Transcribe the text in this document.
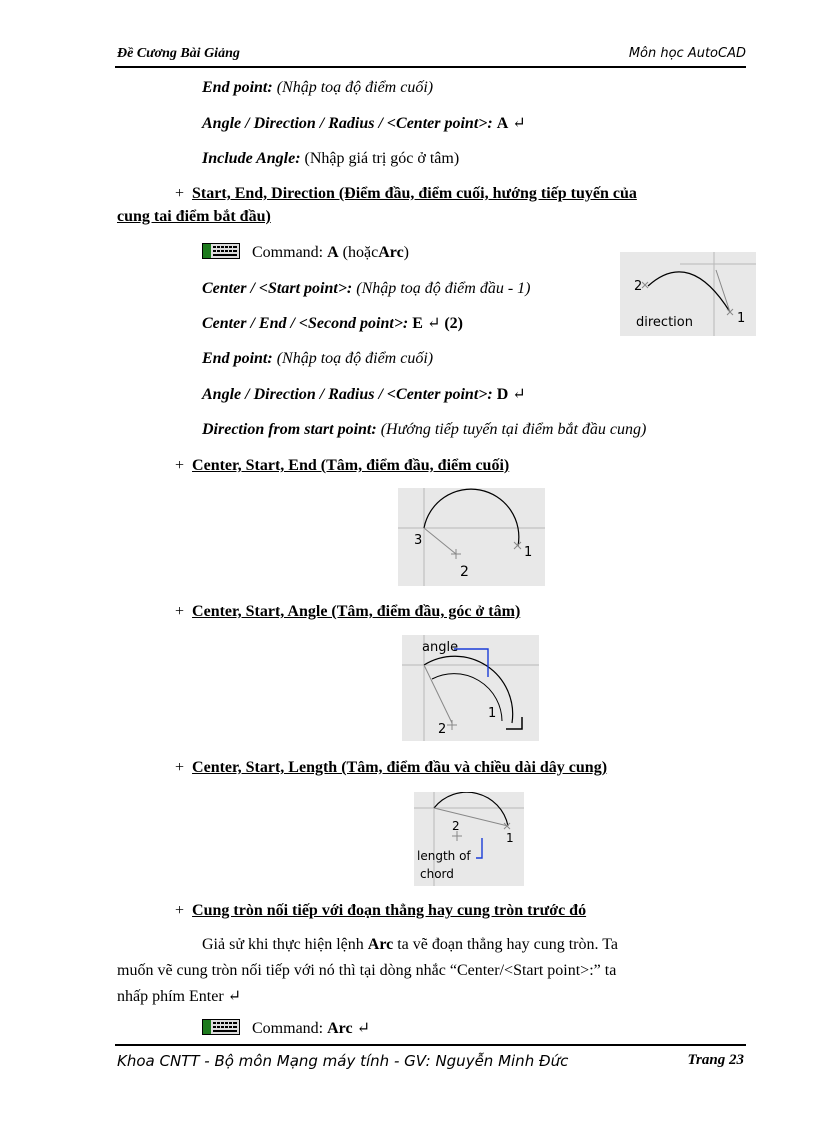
Đề Cương Bài Giảng	Môn học AutoCAD
End point: (Nhập toạ độ điểm cuối)
Angle / Direction / Radius / <Center point>: A ↵
Include Angle: (Nhập giá trị góc ở tâm)
+ Start, End, Direction (Điểm đầu, điểm cuối, hướng tiếp tuyến của
cung tai điểm bắt đầu)
Command: A (hoặcArc)
Center / <Start point>: (Nhập toạ độ điểm đầu - 1)
Center / End / <Second point>: E ↵ (2)
End point: (Nhập toạ độ điểm cuối)
Angle / Direction / Radius / <Center point>: D ↵
Direction from start point: (Hướng tiếp tuyến tại điểm bắt đầu cung)
2
1
direction
+ Center, Start, End (Tâm, điểm đầu, điểm cuối)
3
2
1
+ Center, Start, Angle (Tâm, điểm đầu, góc ở tâm)
angle
2
1
+ Center, Start, Length (Tâm, điểm đầu và chiều dài dây cung)
2
1
length of
chord
+ Cung tròn nối tiếp với đoạn thẳng hay cung tròn trước đó
Giả sử khi thực hiện lệnh Arc ta vẽ đoạn thẳng hay cung tròn. Ta
muốn vẽ cung tròn nối tiếp với nó thì tại dòng nhắc “Center/<Start point>:” ta
nhấp phím Enter ↵
Command: Arc ↵
Khoa CNTT - Bộ môn Mạng máy tính - GV: Nguyễn Minh Đức	Trang 23
